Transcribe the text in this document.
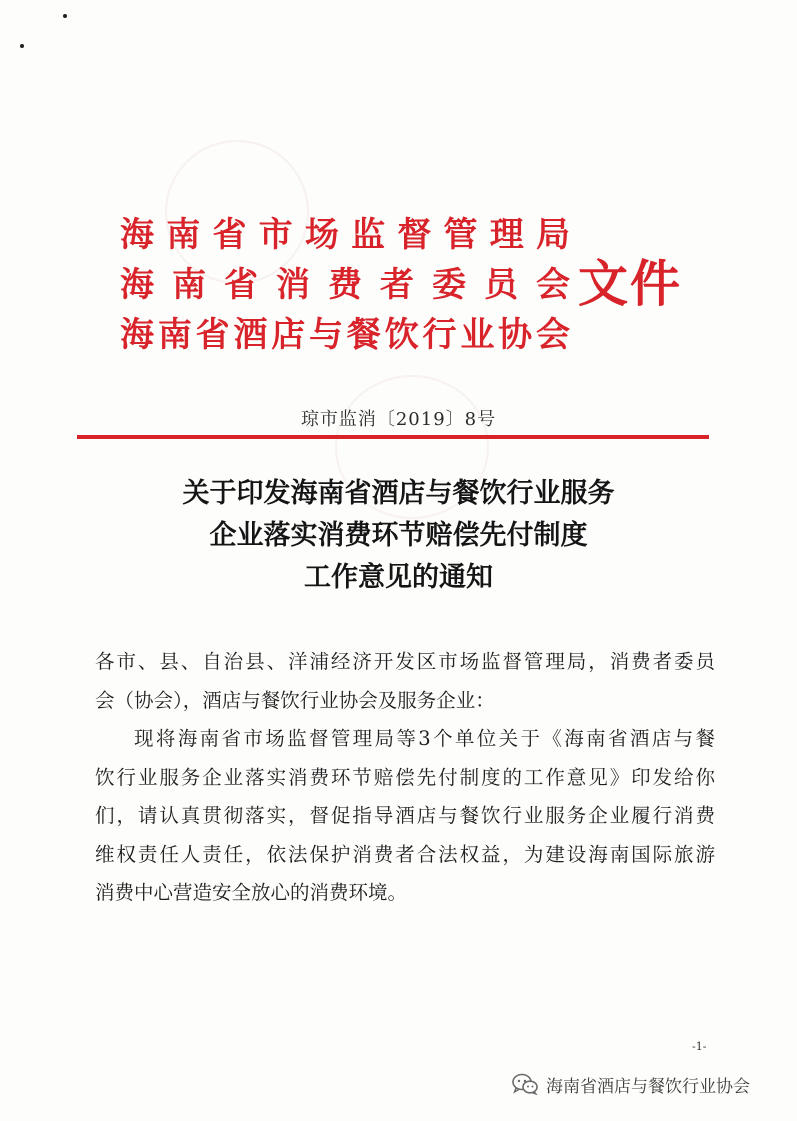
海南省市场监督管理局
海南省消费者委员会
海南省酒店与餐饮行业协会
文件
琼市监消〔2019〕8号
关于印发海南省酒店与餐饮行业服务
企业落实消费环节赔偿先付制度
工作意见的通知
各市、县、自治县、洋浦经济开发区市场监督管理局，消费者委员
会（协会），酒店与餐饮行业协会及服务企业：
现将海南省市场监督管理局等3个单位关于《海南省酒店与餐
饮行业服务企业落实消费环节赔偿先付制度的工作意见》印发给你
们，请认真贯彻落实，督促指导酒店与餐饮行业服务企业履行消费
维权责任人责任，依法保护消费者合法权益，为建设海南国际旅游
消费中心营造安全放心的消费环境。
-1-
海南省酒店与餐饮行业协会
